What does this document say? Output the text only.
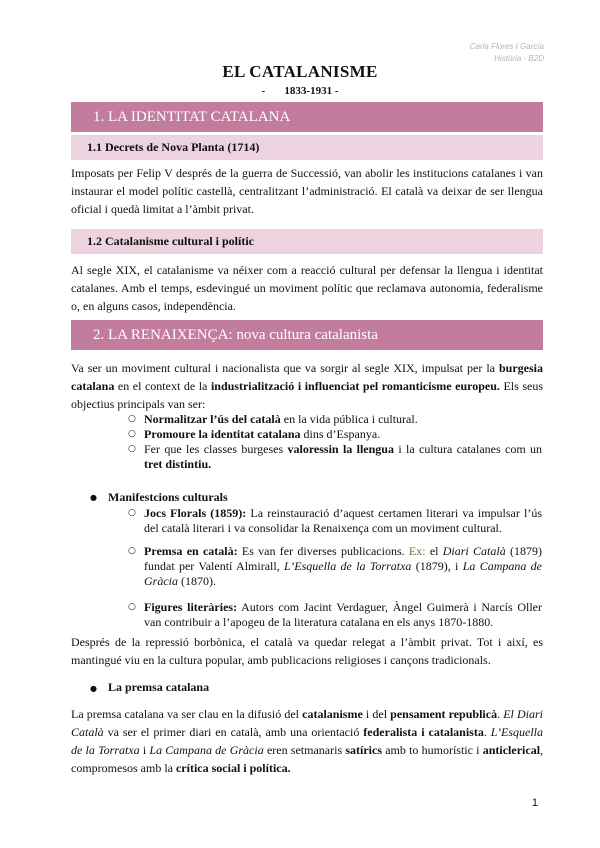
Carla Flores I García
Història - B2D
EL CATALANISME
-       1833-1931 -
1. LA IDENTITAT CATALANA
1.1 Decrets de Nova Planta (1714)
Imposats per Felip V després de la guerra de Successió, van abolir les institucions catalanes i van instaurar el model polític castellà, centralitzant l’administració. El català va deixar de ser llengua oficial i quedà limitat a l’àmbit privat.
1.2 Catalanisme cultural i polític
Al segle XIX, el catalanisme va néixer com a reacció cultural per defensar la llengua i identitat catalanes. Amb el temps, esdevingué un moviment polític que reclamava autonomia, federalisme o, en alguns casos, independència.
2. LA RENAIXENÇA: nova cultura catalanista
Va ser un moviment cultural i nacionalista que va sorgir al segle XIX, impulsat per la burgesia catalana en el context de la industrialització i influenciat pel romanticisme europeu. Els seus objectius principals van ser:
○ Normalitzar l’ús del català en la vida pública i cultural.
○ Promoure la identitat catalana dins d’Espanya.
○ Fer que les classes burgeses valoressin la llengua i la cultura catalanes com un tret distintiu.
● Manifestcions culturals
○ Jocs Florals (1859): La reinstauració d’aquest certamen literari va impulsar l’ús del català literari i va consolidar la Renaixença com un moviment cultural.
○ Premsa en català: Es van fer diverses publicacions. Ex: el Diari Català (1879) fundat per Valentí Almirall, L’Esquella de la Torratxa (1879), i La Campana de Gràcia (1870).
○ Figures literàries: Autors com Jacint Verdaguer, Àngel Guimerà i Narcís Oller van contribuir a l’apogeu de la literatura catalana en els anys 1870-1880.
Després de la repressió borbònica, el català va quedar relegat a l’àmbit privat. Tot i així, es mantingué viu en la cultura popular, amb publicacions religioses i cançons tradicionals.
● La premsa catalana
La premsa catalana va ser clau en la difusió del catalanisme i del pensament republicà. El Diari Català va ser el primer diari en català, amb una orientació federalista i catalanista. L’Esquella de la Torratxa i La Campana de Gràcia eren setmanaris satírics amb to humorístic i anticlerical, compromesos amb la crítica social i política.
1
